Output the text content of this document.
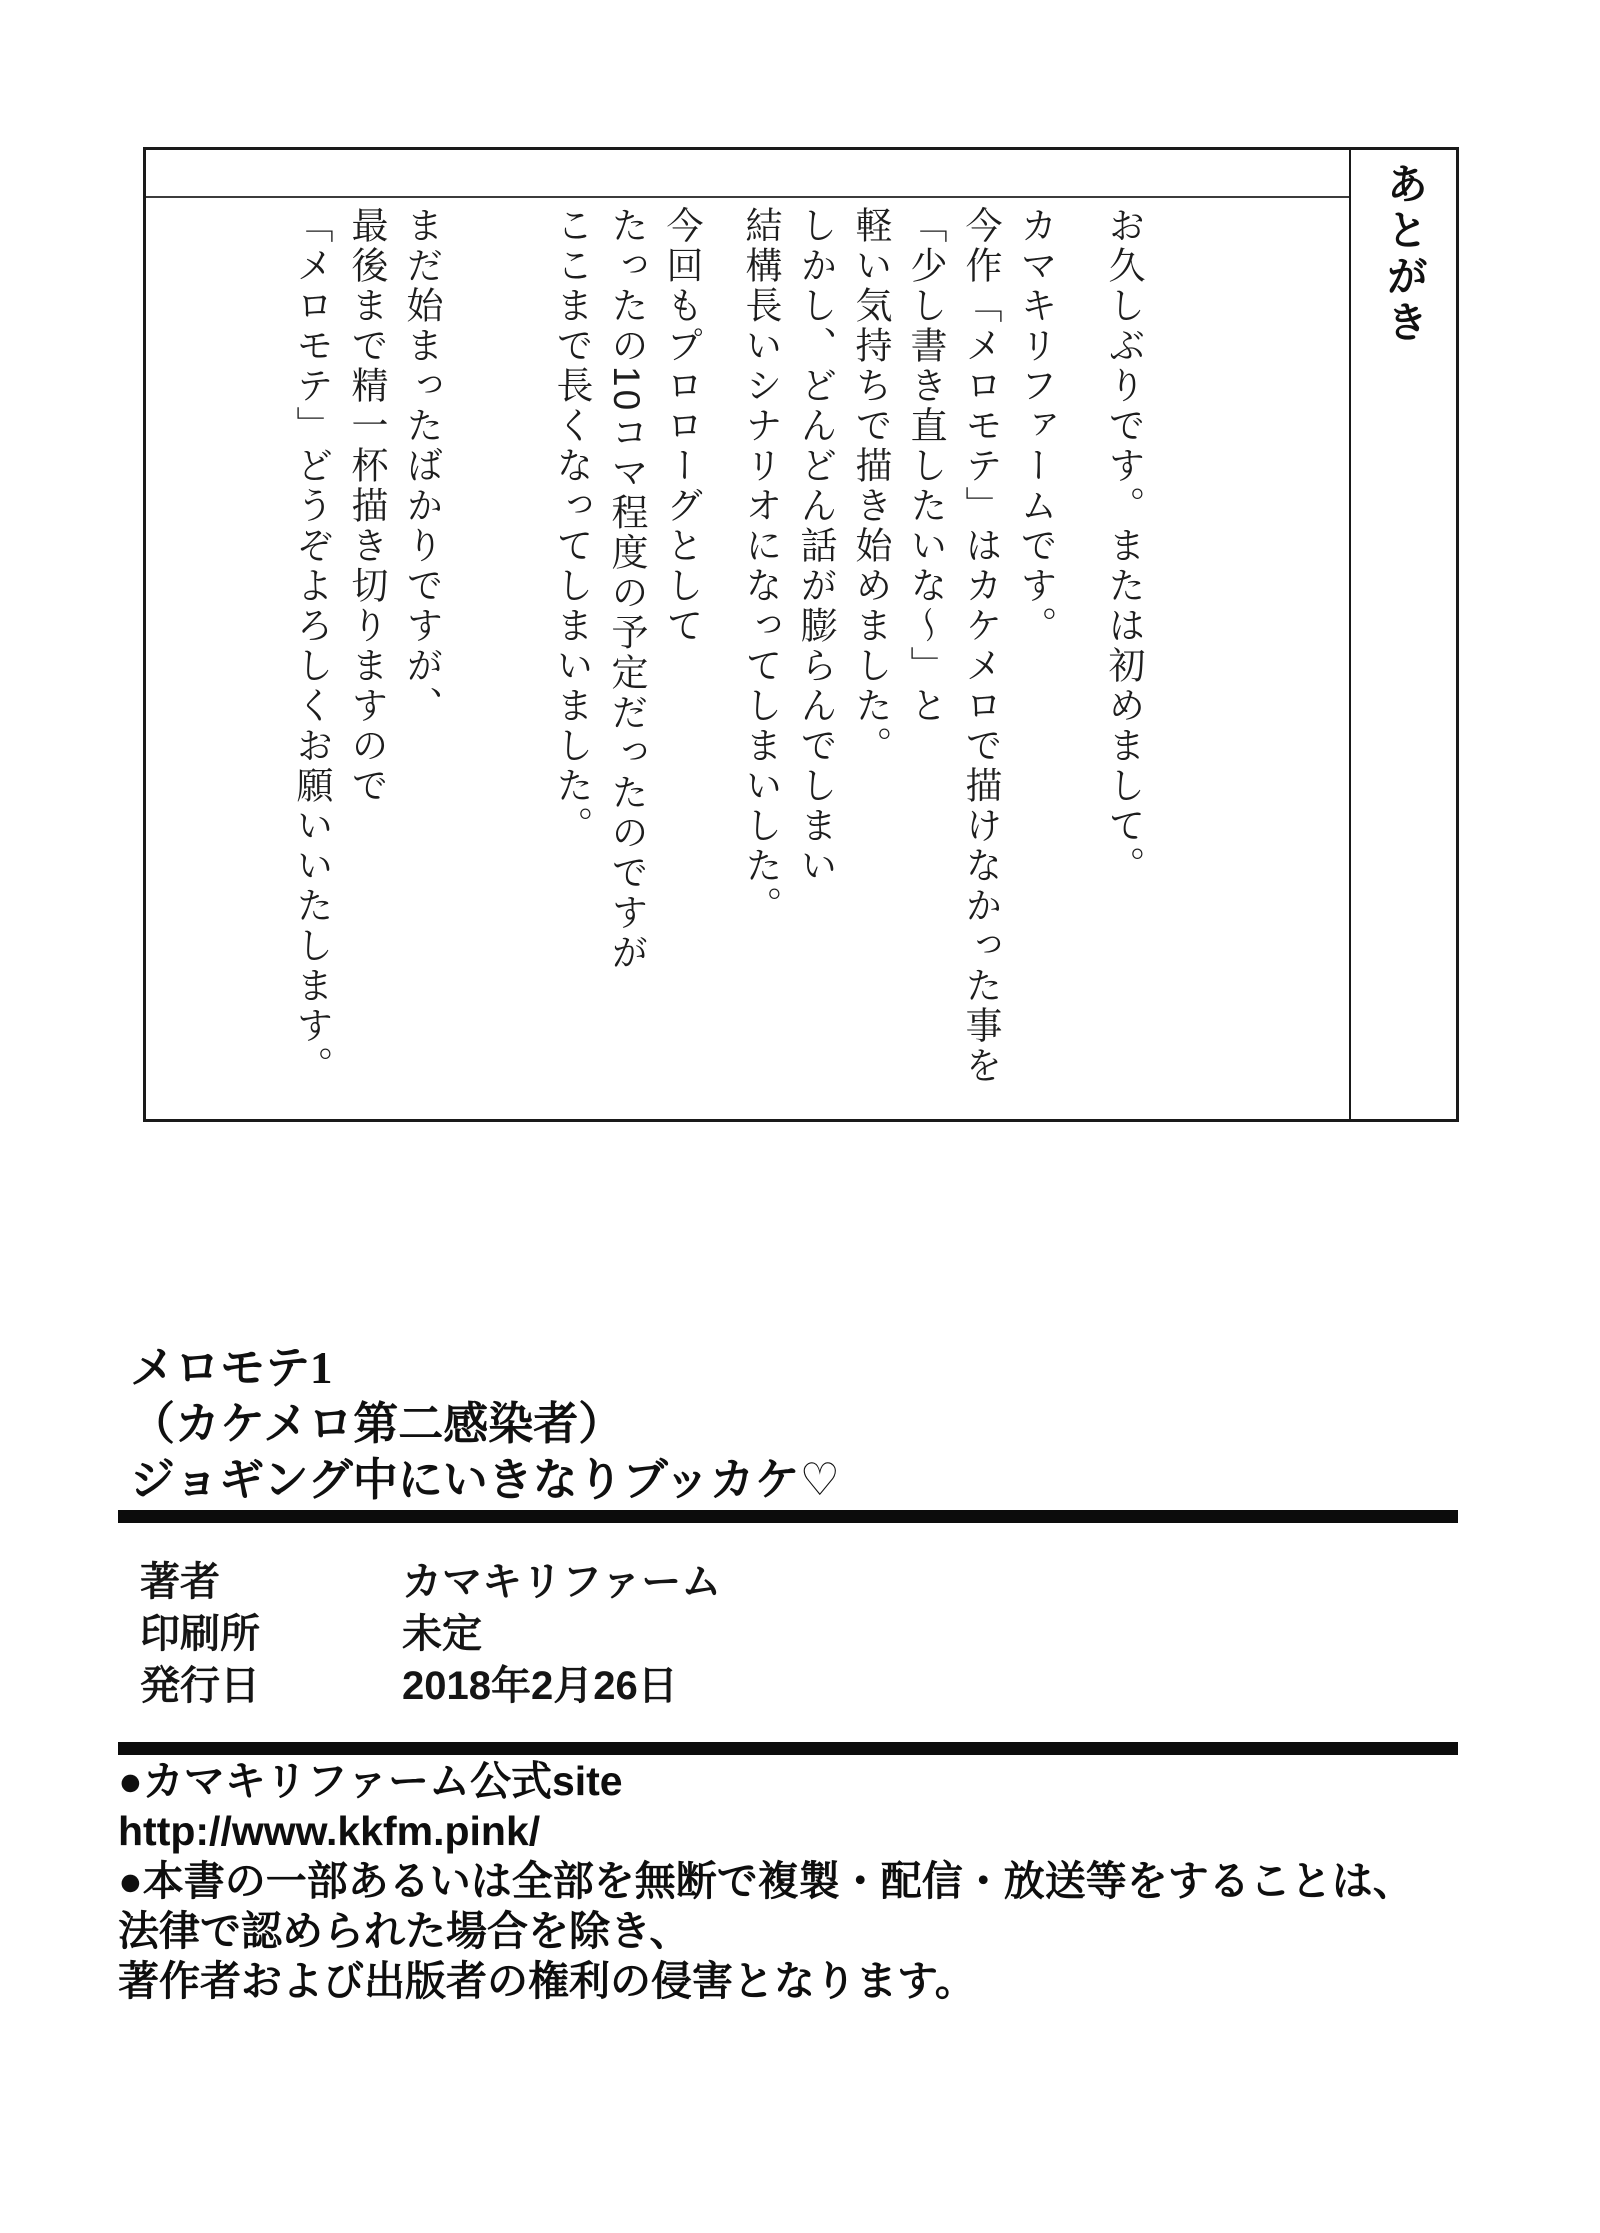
お久しぶりです。または初めまして。

カマキリファームです。

今作「メロモテ」はカケメロで描けなかった事を

「少し書き直したいな〜」と

軽い気持ちで描き始めました。

しかし、どんどん話が膨らんでしまい

結構長いシナリオになってしまいした。

今回もプロローグとして

たったの10コマ程度の予定だったのですが

ここまで長くなってしまいました。

まだ始まったばかりですが、

最後まで精一杯描き切りますので

「メロモテ」どうぞよろしくお願いいたします。	あとがき
メロモテ1
（カケメロ第二感染者）
ジョギング中にいきなりブッカケ♡
著者	カマキリファーム
印刷所	未定
発行日	2018年2月26日
●カマキリファーム公式site
http://www.kkfm.pink/
●本書の一部あるいは全部を無断で複製・配信・放送等をすることは、
法律で認められた場合を除き、
著作者および出版者の権利の侵害となります。
